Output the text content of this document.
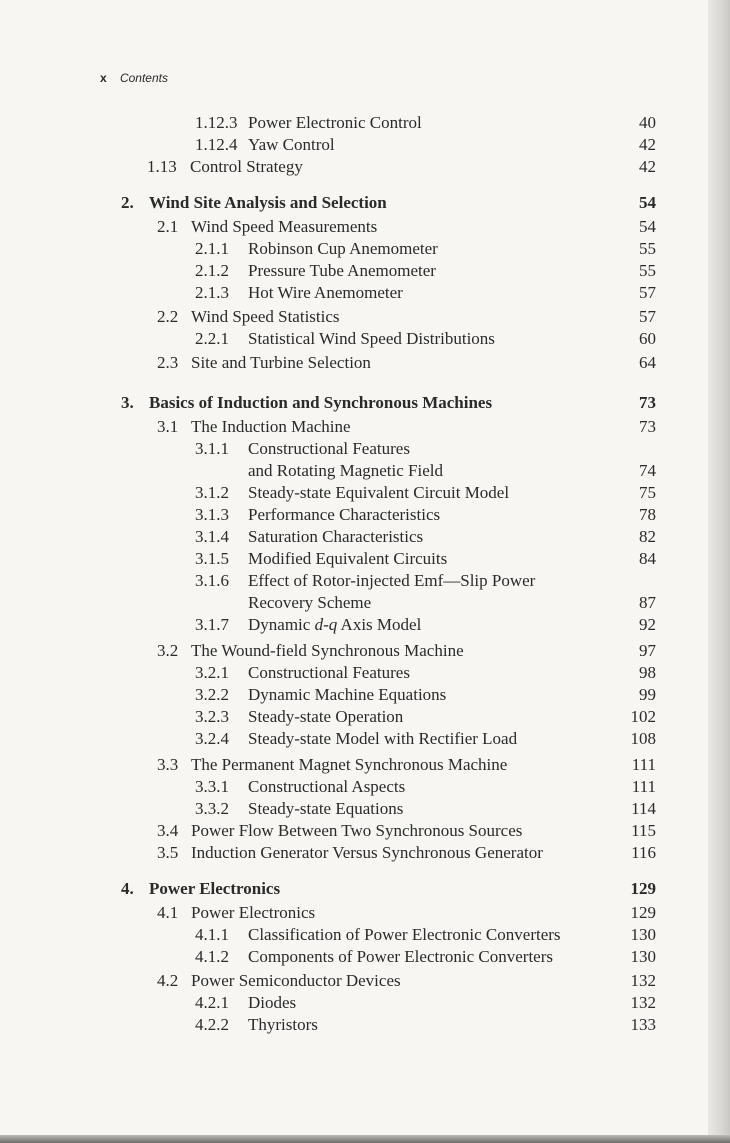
x Contents
1.12.3 Power Electronic Control	40
1.12.4 Yaw Control	42
1.13 Control Strategy	42
2. Wind Site Analysis and Selection	54
2.1 Wind Speed Measurements	54
2.1.1 Robinson Cup Anemometer	55
2.1.2 Pressure Tube Anemometer	55
2.1.3 Hot Wire Anemometer	57
2.2 Wind Speed Statistics	57
2.2.1 Statistical Wind Speed Distributions	60
2.3 Site and Turbine Selection	64
3. Basics of Induction and Synchronous Machines	73
3.1 The Induction Machine	73
3.1.1 Constructional Features
and Rotating Magnetic Field	74
3.1.2 Steady-state Equivalent Circuit Model	75
3.1.3 Performance Characteristics	78
3.1.4 Saturation Characteristics	82
3.1.5 Modified Equivalent Circuits	84
3.1.6 Effect of Rotor-injected Emf—Slip Power
Recovery Scheme	87
3.1.7 Dynamic d-q Axis Model	92
3.2 The Wound-field Synchronous Machine	97
3.2.1 Constructional Features	98
3.2.2 Dynamic Machine Equations	99
3.2.3 Steady-state Operation	102
3.2.4 Steady-state Model with Rectifier Load	108
3.3 The Permanent Magnet Synchronous Machine	111
3.3.1 Constructional Aspects	111
3.3.2 Steady-state Equations	114
3.4 Power Flow Between Two Synchronous Sources	115
3.5 Induction Generator Versus Synchronous Generator	116
4. Power Electronics	129
4.1 Power Electronics	129
4.1.1 Classification of Power Electronic Converters	130
4.1.2 Components of Power Electronic Converters	130
4.2 Power Semiconductor Devices	132
4.2.1 Diodes	132
4.2.2 Thyristors	133
